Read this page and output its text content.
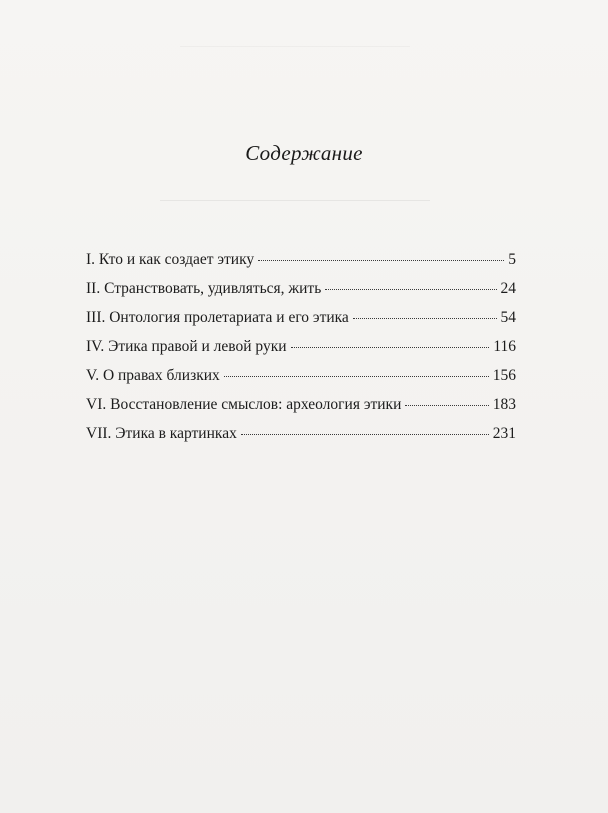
Содержание
I. Кто и как создает этику	5
II. Странствовать, удивляться, жить	24
III. Онтология пролетариата и его этика	54
IV. Этика правой и левой руки	116
V. О правах близких	156
VI. Восстановление смыслов: археология этики	183
VII. Этика в картинках	231
